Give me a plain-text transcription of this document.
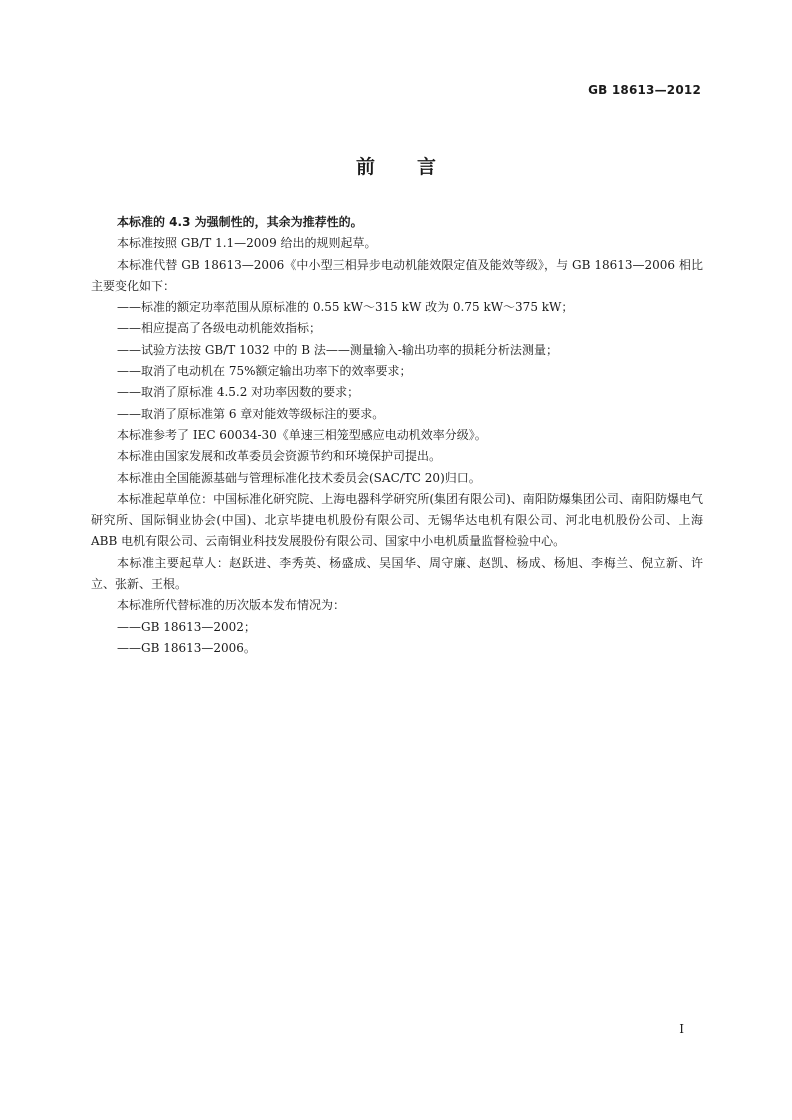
GB 18613—2012
前言

本标准的 4.3 为强制性的，其余为推荐性的。

本标准按照 GB/T 1.1—2009 给出的规则起草。

本标准代替 GB 18613—2006《中小型三相异步电动机能效限定值及能效等级》，与 GB 18613—2006 相比主要变化如下：

——标准的额定功率范围从原标准的 0.55 kW～315 kW 改为 0.75 kW～375 kW；

——相应提高了各级电动机能效指标；

——试验方法按 GB/T 1032 中的 B 法——测量输入-输出功率的损耗分析法测量；

——取消了电动机在 75%额定输出功率下的效率要求；

——取消了原标准 4.5.2 对功率因数的要求；

——取消了原标准第 6 章对能效等级标注的要求。

本标准参考了 IEC 60034-30《单速三相笼型感应电动机效率分级》。

本标准由国家发展和改革委员会资源节约和环境保护司提出。

本标准由全国能源基础与管理标准化技术委员会(SAC/TC 20)归口。

本标准起草单位：中国标准化研究院、上海电器科学研究所(集团有限公司)、南阳防爆集团公司、南阳防爆电气研究所、国际铜业协会(中国)、北京毕捷电机股份有限公司、无锡华达电机有限公司、河北电机股份公司、上海 ABB 电机有限公司、云南铜业科技发展股份有限公司、国家中小电机质量监督检验中心。

本标准主要起草人：赵跃进、李秀英、杨盛成、吴国华、周守廉、赵凯、杨成、杨旭、李梅兰、倪立新、许立、张新、王根。

本标准所代替标准的历次版本发布情况为：

——GB 18613—2002；

——GB 18613—2006。

I
